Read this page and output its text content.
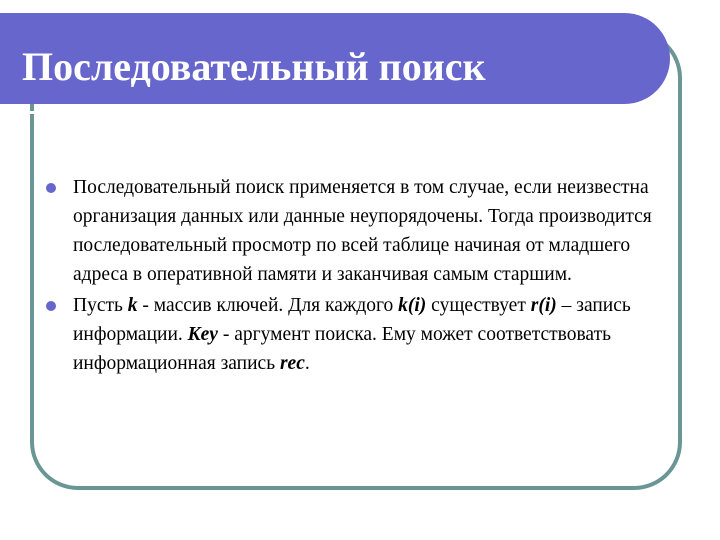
Последовательный поиск

Последовательный поиск применяется в том случае, если неизвестна организация данных или данные неупорядочены. Тогда производится последовательный просмотр по всей таблице начиная от младшего адреса в оперативной памяти и заканчивая самым старшим.

Пусть k - массив ключей. Для каждого k(i) существует r(i) – запись информации. Key - аргумент поиска. Ему может соответствовать информационная запись rec.
